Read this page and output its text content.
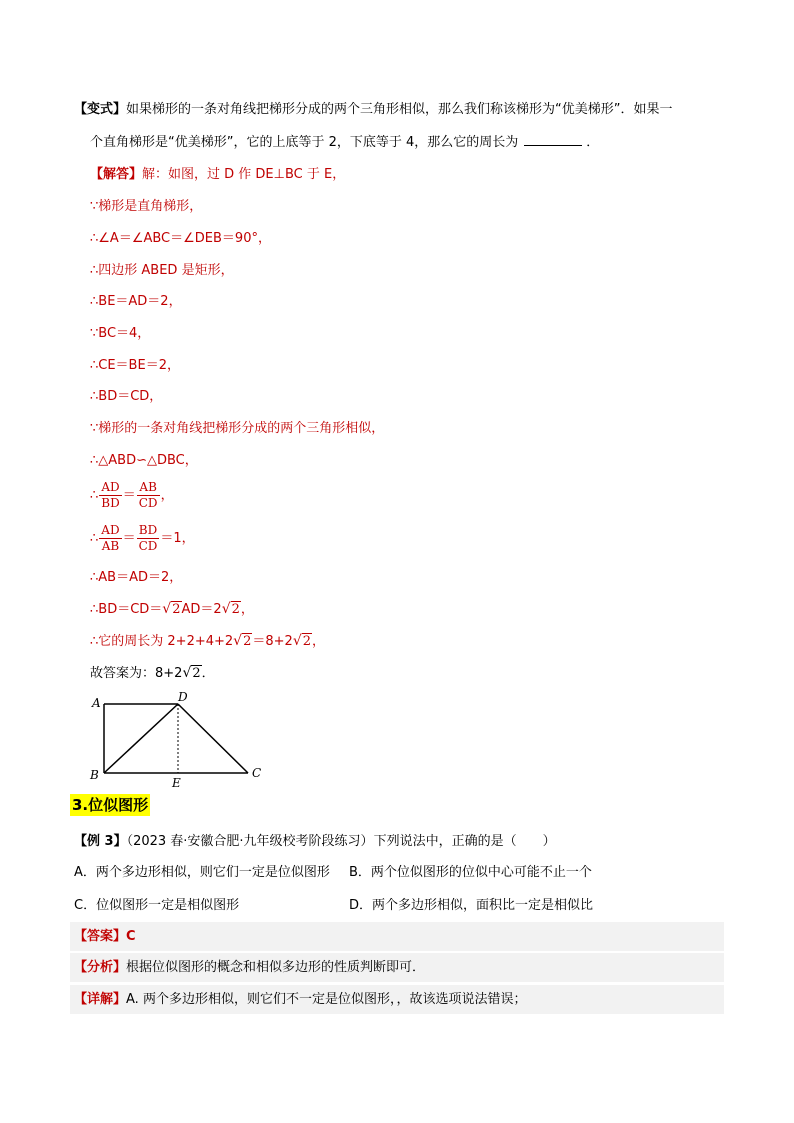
【变式】如果梯形的一条对角线把梯形分成的两个三角形相似，那么我们称该梯形为“优美梯形”．如果一
个直角梯形是“优美梯形”，它的上底等于 2，下底等于 4，那么它的周长为	．
【解答】解：如图，过 D 作 DE⊥BC 于 E，
∵梯形是直角梯形，
∴∠A＝∠ABC＝∠DEB＝90°，
∴四边形 ABED 是矩形，
∴BE＝AD＝2，
∵BC＝4，
∴CE＝BE＝2，
∴BD＝CD，
∵梯形的一条对角线把梯形分成的两个三角形相似，
∴△ABD∽△DBC，
∴ $\frac{AD}{BD} = \frac{AB}{CD}$ ，
∴ $\frac{AD}{AB} = \frac{BD}{CD} =1$，
∴AB＝AD＝2，
∴BD＝CD＝√2AD＝2√2，
∴它的周长为 2+2+4+2√2＝8+2√2，
故答案为：8+2√2．
A	D
B
E
C
3.位似图形
【例 3】（2023 春·安徽合肥·九年级校考阶段练习）下列说法中，正确的是（　　）
A．两个多边形相似，则它们一定是位似图形 B．两个位似图形的位似中心可能不止一个
C．位似图形一定是相似图形	D．两个多边形相似，面积比一定是相似比
【答案】C
【分析】根据位似图形的概念和相似多边形的性质判断即可．
【详解】A. 两个多边形相似，则它们不一定是位似图形，，故该选项说法错误；
